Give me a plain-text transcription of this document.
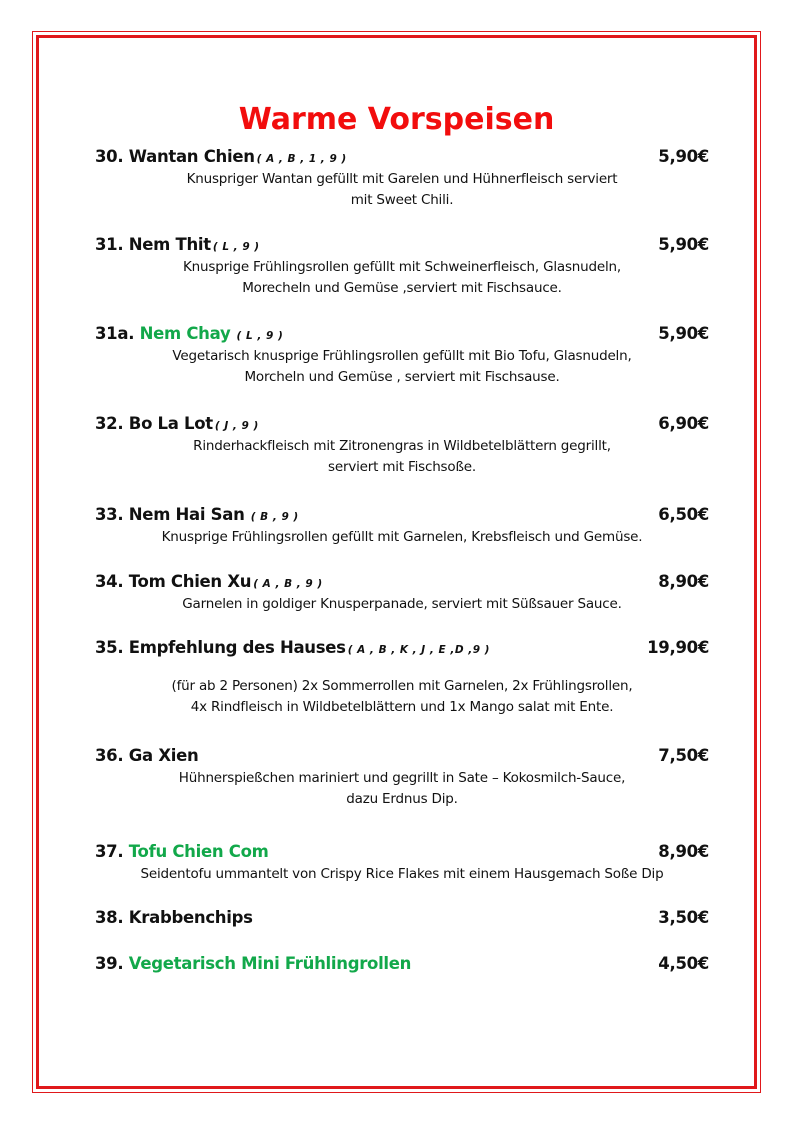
Warme Vorspeisen
30. Wantan Chien ( A , B , 1 , 9 )	5,90€
Knuspriger Wantan gefüllt mit Garelen und Hühnerfleisch serviert
mit Sweet Chili.
31. Nem Thit ( L , 9 )	5,90€
Knusprige Frühlingsrollen gefüllt mit Schweinerfleisch, Glasnudeln,
Morecheln und Gemüse ,serviert mit Fischsauce.
31a. Nem Chay ( L , 9 )	5,90€
Vegetarisch knusprige Frühlingsrollen gefüllt mit Bio Tofu, Glasnudeln,
Morcheln und Gemüse , serviert mit Fischsause.
32. Bo La Lot ( J , 9 )	6,90€
Rinderhackfleisch mit Zitronengras in Wildbetelblättern gegrillt,
serviert mit Fischsoße.
33. Nem Hai San ( B , 9 )	6,50€
Knusprige Frühlingsrollen gefüllt mit Garnelen, Krebsfleisch und Gemüse.
34. Tom Chien Xu ( A , B , 9 )	8,90€
Garnelen in goldiger Knusperpanade, serviert mit Süßsauer Sauce.
35. Empfehlung des Hauses ( A , B , K , J , E ,D ,9 )	19,90€
(für ab 2 Personen) 2x Sommerrollen mit Garnelen, 2x Frühlingsrollen,
4x Rindfleisch in Wildbetelblättern und 1x Mango salat mit Ente.
36. Ga Xien	7,50€
Hühnerspießchen mariniert und gegrillt in Sate – Kokosmilch-Sauce,
dazu Erdnus Dip.
37. Tofu Chien Com	8,90€
Seidentofu ummantelt von Crispy Rice Flakes mit einem Hausgemach Soße Dip
38. Krabbenchips	3,50€
39. Vegetarisch Mini Frühlingrollen	4,50€
